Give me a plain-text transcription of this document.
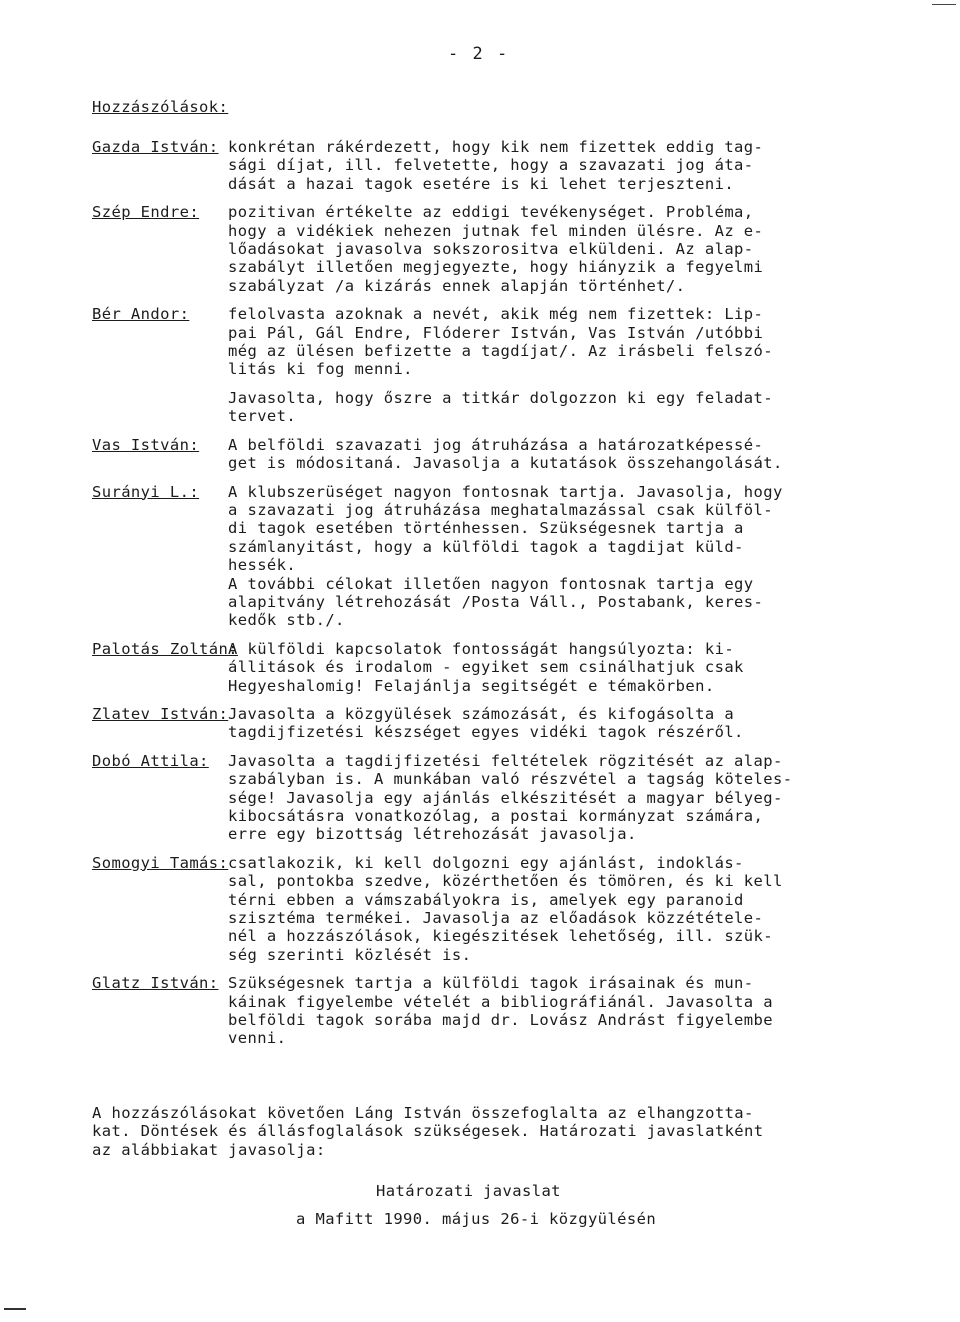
- 2 -
Hozzászólások:
Gazda István: konkrétan rákérdezett, hogy kik nem fizettek eddig tag-
sági díjat, ill. felvetette, hogy a szavazati jog áta-
dását a hazai tagok esetére is ki lehet terjeszteni.
Szép Endre:	pozitivan értékelte az eddigi tevékenységet. Probléma,
hogy a vidékiek nehezen jutnak fel minden ülésre. Az e-
lőadásokat javasolva sokszorositva elküldeni. Az alap-
szabályt illetően megjegyezte, hogy hiányzik a fegyelmi
szabályzat /a kizárás ennek alapján történhet/.
Bér Andor:	felolvasta azoknak a nevét, akik még nem fizettek: Lip-
pai Pál, Gál Endre, Flóderer István, Vas István /utóbbi
még az ülésen befizette a tagdíjat/. Az irásbeli felszó-
litás ki fog menni.
Javasolta, hogy őszre a titkár dolgozzon ki egy feladat-
tervet.
Vas István:	A belföldi szavazati jog átruházása a határozatképessé-
get is módositaná. Javasolja a kutatások összehangolását.
Surányi L.:	A klubszerüséget nagyon fontosnak tartja. Javasolja, hogy
a szavazati jog átruházása meghatalmazással csak külföl-
di tagok esetében történhessen. Szükségesnek tartja a
számlanyitást, hogy a külföldi tagok a tagdijat küld-
hessék.
A további célokat illetően nagyon fontosnak tartja egy
alapitvány létrehozását /Posta Váll., Postabank, keres-
kedők stb./.
Palotás Zoltán:
A külföldi kapcsolatok fontosságát hangsúlyozta: ki-
állitások és irodalom - egyiket sem csinálhatjuk csak
Hegyeshalomig! Felajánlja segitségét e témakörben.
Zlatev István: Javasolta a közgyülések számozását, és kifogásolta a
tagdijfizetési készséget egyes vidéki tagok részéről.
Dobó Attila:	Javasolta a tagdijfizetési feltételek rögzitését az alap-
szabályban is. A munkában való részvétel a tagság köteles-
sége! Javasolja egy ajánlás elkészitését a magyar bélyeg-
kibocsátásra vonatkozólag, a postai kormányzat számára,
erre egy bizottság létrehozását javasolja.
Somogyi Tamás: csatlakozik, ki kell dolgozni egy ajánlást, indoklás-
sal, pontokba szedve, közérthetően és tömören, és ki kell
térni ebben a vámszabályokra is, amelyek egy paranoid
szisztéma termékei. Javasolja az előadások közzététele-
nél a hozzászólások, kiegészitések lehetőség, ill. szük-
ség szerinti közlését is.
Glatz István: Szükségesnek tartja a külföldi tagok irásainak és mun-
káinak figyelembe vételét a bibliográfiánál. Javasolta a
belföldi tagok sorába majd dr. Lovász Andrást figyelembe
venni.
A hozzászólásokat követően Láng István összefoglalta az elhangzotta-
kat. Döntések és állásfoglalások szükségesek. Határozati javaslatként
az alábbiakat javasolja:
Határozati javaslat
a Mafitt 1990. május 26-i közgyülésén
